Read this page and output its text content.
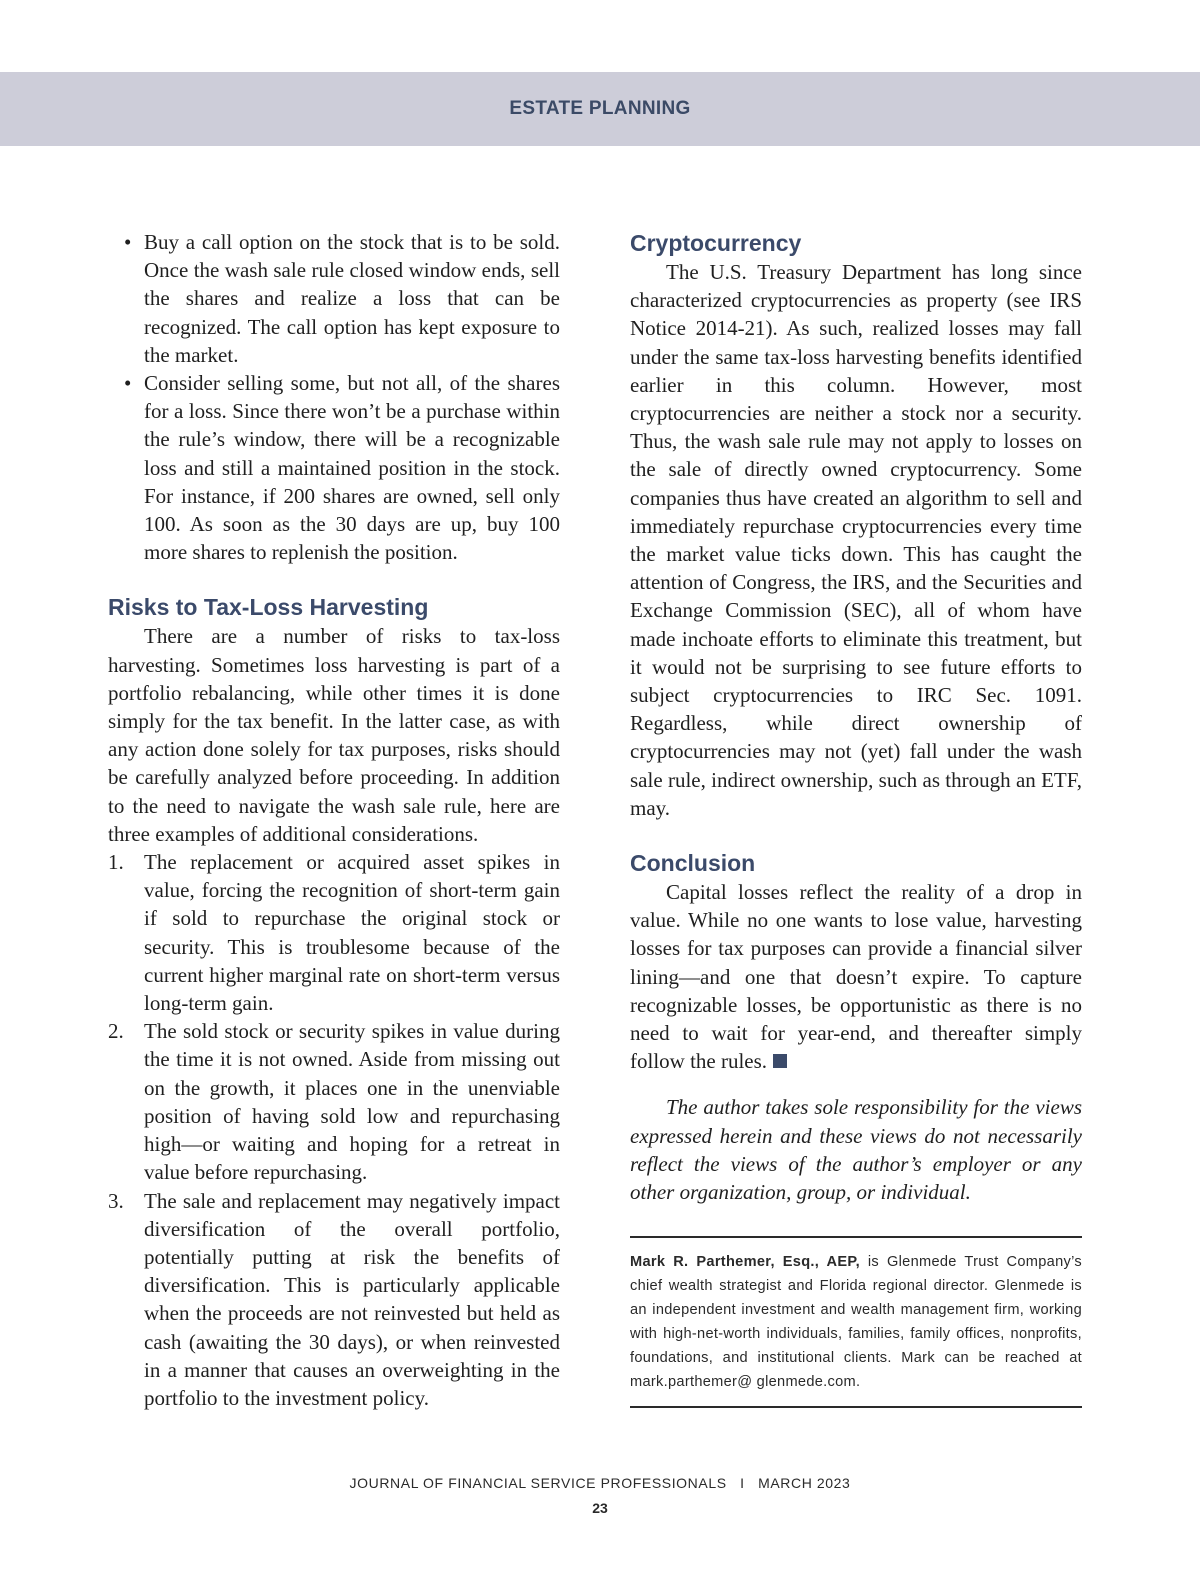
ESTATE PLANNING
• Buy a call option on the stock that is to be sold. Once the wash sale rule closed window ends, sell the shares and realize a loss that can be recognized. The call option has kept exposure to the market.
• Consider selling some, but not all, of the shares for a loss. Since there won’t be a purchase within the rule’s window, there will be a recognizable loss and still a maintained position in the stock. For instance, if 200 shares are owned, sell only 100. As soon as the 30 days are up, buy 100 more shares to replenish the position.
Risks to Tax-Loss Harvesting

There are a number of risks to tax-loss harvesting. Sometimes loss harvesting is part of a portfolio rebalancing, while other times it is done simply for the tax benefit. In the latter case, as with any action done solely for tax purposes, risks should be carefully analyzed before proceeding. In addition to the need to navigate the wash sale rule, here are three examples of additional considerations.

1. The replacement or acquired asset spikes in value, forcing the recognition of short-term gain if sold to repurchase the original stock or security. This is troublesome because of the current higher marginal rate on short-term versus long-term gain.
2. The sold stock or security spikes in value during the time it is not owned. Aside from missing out on the growth, it places one in the unenviable position of having sold low and repurchasing high—or waiting and hoping for a retreat in value before repurchasing.
3. The sale and replacement may negatively impact diversification of the overall portfolio, potentially putting at risk the benefits of diversification. This is particularly applicable when the proceeds are not reinvested but held as cash (awaiting the 30 days), or when reinvested in a manner that causes an overweighting in the portfolio to the investment policy.
Cryptocurrency

The U.S. Treasury Department has long since characterized cryptocurrencies as property (see IRS Notice 2014-21). As such, realized losses may fall under the same tax-loss harvesting benefits identified earlier in this column. However, most cryptocurrencies are neither a stock nor a security. Thus, the wash sale rule may not apply to losses on the sale of directly owned cryptocurrency. Some companies thus have created an algorithm to sell and immediately repurchase cryptocurrencies every time the market value ticks down. This has caught the attention of Congress, the IRS, and the Securities and Exchange Commission (SEC), all of whom have made inchoate efforts to eliminate this treatment, but it would not be surprising to see future efforts to subject cryptocurrencies to IRC Sec. 1091. Regardless, while direct ownership of cryptocurrencies may not (yet) fall under the wash sale rule, indirect ownership, such as through an ETF, may.

Conclusion

Capital losses reflect the reality of a drop in value. While no one wants to lose value, harvesting losses for tax purposes can provide a financial silver lining—and one that doesn’t expire. To capture recognizable losses, be opportunistic as there is no need to wait for year-end, and thereafter simply follow the rules.

The author takes sole responsibility for the views expressed herein and these views do not necessarily reflect the views of the author’s employer or any other organization, group, or individual.

Mark R. Parthemer, Esq., AEP, is Glenmede Trust Company’s chief wealth strategist and Florida regional director. Glenmede is an independent investment and wealth management firm, working with high-net-worth individuals, families, family offices, nonprofits, foundations, and institutional clients. Mark can be reached at mark.parthemer@ glenmede.com.

JOURNAL OF FINANCIAL SERVICE PROFESSIONALS   I   MARCH 2023
23
